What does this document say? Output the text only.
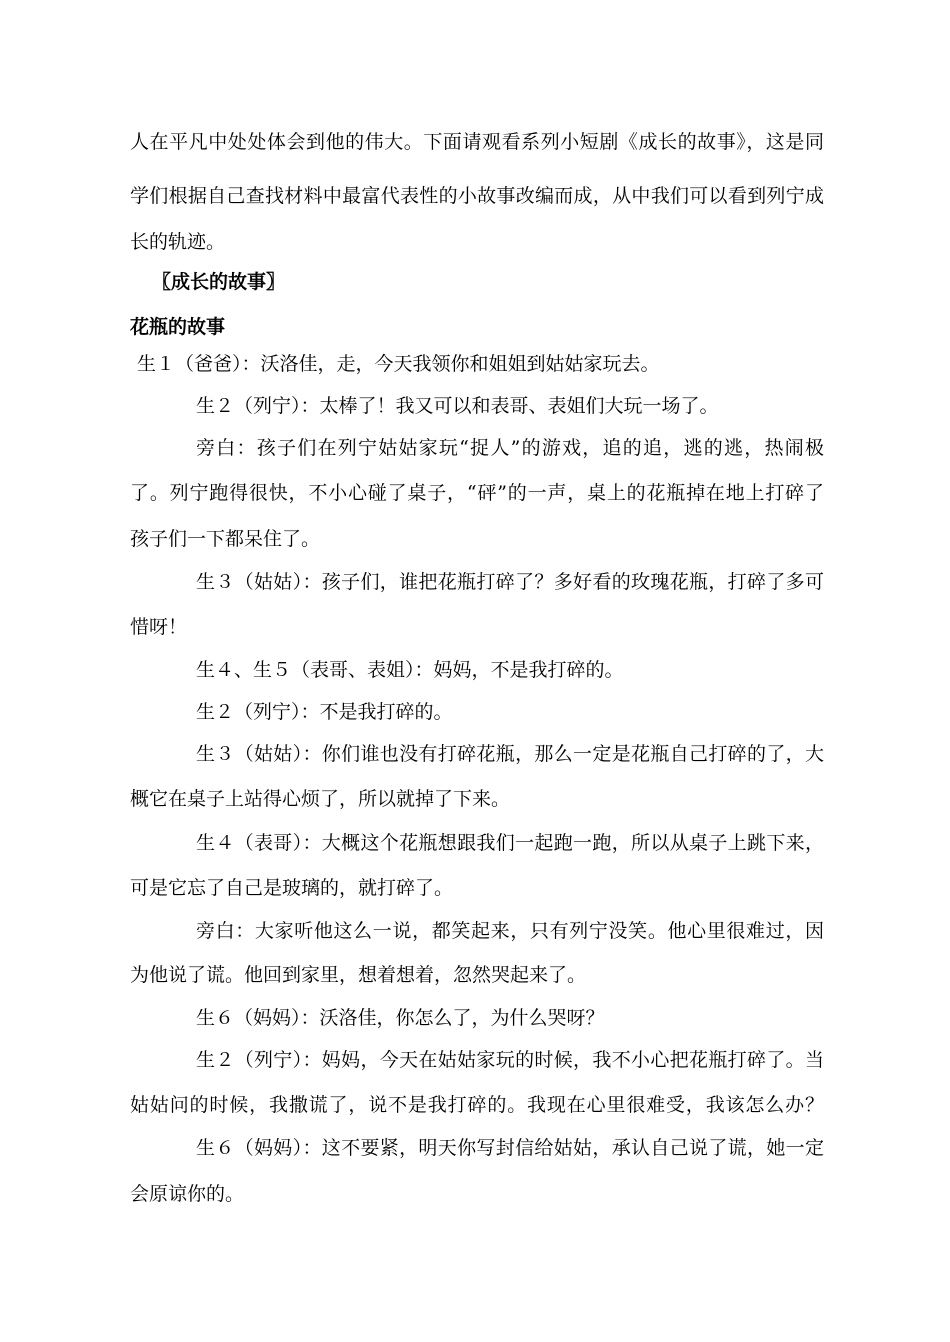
人在平凡中处处体会到他的伟大。下面请观看系列小短剧《成长的故事》，这是同
学们根据自己查找材料中最富代表性的小故事改编而成，从中我们可以看到列宁成
长的轨迹。
〖成长的故事〗
花瓶的故事
生１（爸爸）：沃洛佳，走，今天我领你和姐姐到姑姑家玩去。
生２（列宁）：太棒了！我又可以和表哥、表姐们大玩一场了。
旁白：孩子们在列宁姑姑家玩“捉人”的游戏，追的追，逃的逃，热闹极
了。列宁跑得很快，不小心碰了桌子，“砰”的一声，桌上的花瓶掉在地上打碎了
孩子们一下都呆住了。
生３（姑姑）：孩子们，谁把花瓶打碎了？多好看的玫瑰花瓶，打碎了多可
惜呀！
生４、生５（表哥、表姐）：妈妈，不是我打碎的。
生２（列宁）：不是我打碎的。
生３（姑姑）：你们谁也没有打碎花瓶，那么一定是花瓶自己打碎的了，大
概它在桌子上站得心烦了，所以就掉了下来。
生４（表哥）：大概这个花瓶想跟我们一起跑一跑，所以从桌子上跳下来，
可是它忘了自己是玻璃的，就打碎了。
旁白：大家听他这么一说，都笑起来，只有列宁没笑。他心里很难过，因
为他说了谎。他回到家里，想着想着，忽然哭起来了。
生６（妈妈）：沃洛佳，你怎么了，为什么哭呀？
生２（列宁）：妈妈，今天在姑姑家玩的时候，我不小心把花瓶打碎了。当
姑姑问的时候，我撒谎了，说不是我打碎的。我现在心里很难受，我该怎么办？
生６（妈妈）：这不要紧，明天你写封信给姑姑，承认自己说了谎，她一定
会原谅你的。
